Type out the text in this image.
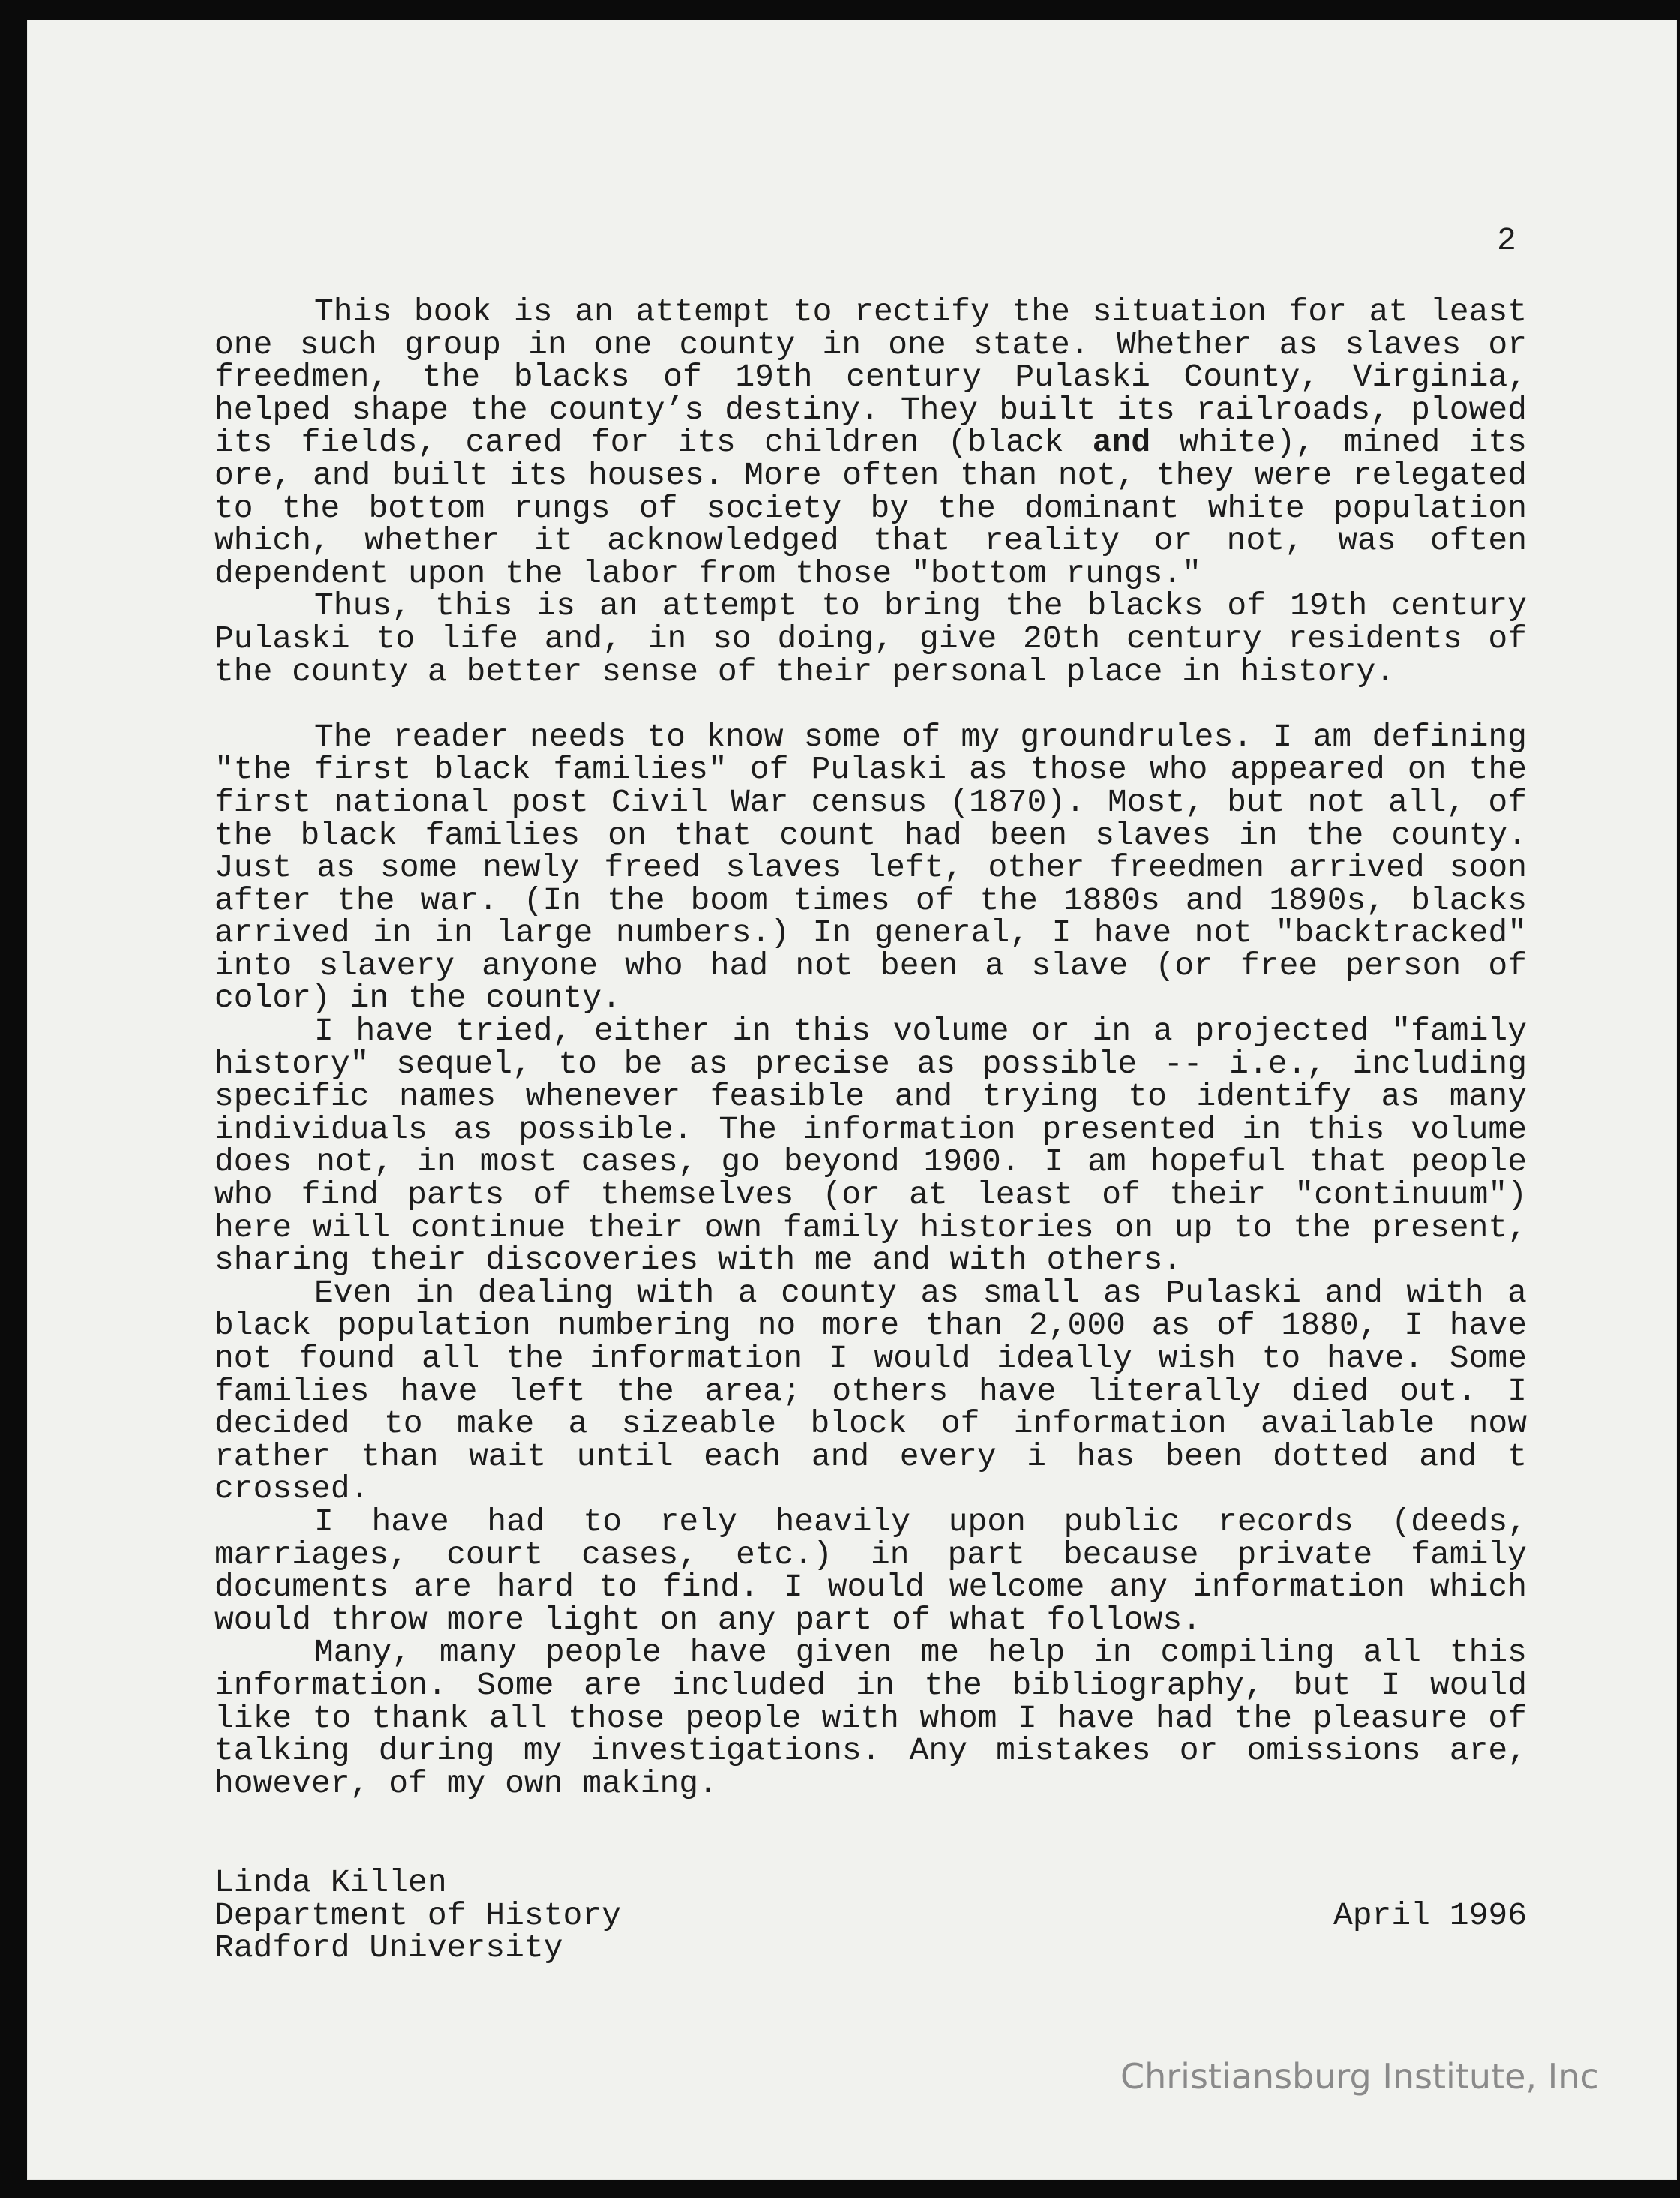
2

This book is an attempt to rectify the situation for at least one such group in one county in one state. Whether as slaves or freedmen, the blacks of 19th century Pulaski County, Virginia, helped shape the county’s destiny. They built its railroads, plowed its fields, cared for its children (black and white), mined its ore, and built its houses. More often than not, they were relegated to the bottom rungs of society by the dominant white population which, whether it acknowledged that reality or not, was often dependent upon the labor from those "bottom rungs."

Thus, this is an attempt to bring the blacks of 19th century Pulaski to life and, in so doing, give 20th century residents of the county a better sense of their personal place in history.

The reader needs to know some of my groundrules. I am defining "the first black families" of Pulaski as those who appeared on the first national post Civil War census (1870). Most, but not all, of the black families on that count had been slaves in the county. Just as some newly freed slaves left, other freedmen arrived soon after the war. (In the boom times of the 1880s and 1890s, blacks arrived in in large numbers.) In general, I have not "backtracked" into slavery anyone who had not been a slave (or free person of color) in the county.

I have tried, either in this volume or in a projected "family history" sequel, to be as precise as possible -- i.e., including specific names whenever feasible and trying to identify as many individuals as possible. The information presented in this volume does not, in most cases, go beyond 1900. I am hopeful that people who find parts of themselves (or at least of their "continuum") here will continue their own family histories on up to the present, sharing their discoveries with me and with others.

Even in dealing with a county as small as Pulaski and with a black population numbering no more than 2,000 as of 1880, I have not found all the information I would ideally wish to have. Some families have left the area; others have literally died out. I decided to make a sizeable block of information available now rather than wait until each and every i has been dotted and t crossed.

I have had to rely heavily upon public records (deeds, marriages, court cases, etc.) in part because private family documents are hard to find. I would welcome any information which would throw more light on any part of what follows.

Many, many people have given me help in compiling all this information. Some are included in the bibliography, but I would like to thank all those people with whom I have had the pleasure of talking during my investigations. Any mistakes or omissions are, however, of my own making.

Linda Killen
Department of History
Radford University
April 1996
Christiansburg Institute, Inc
